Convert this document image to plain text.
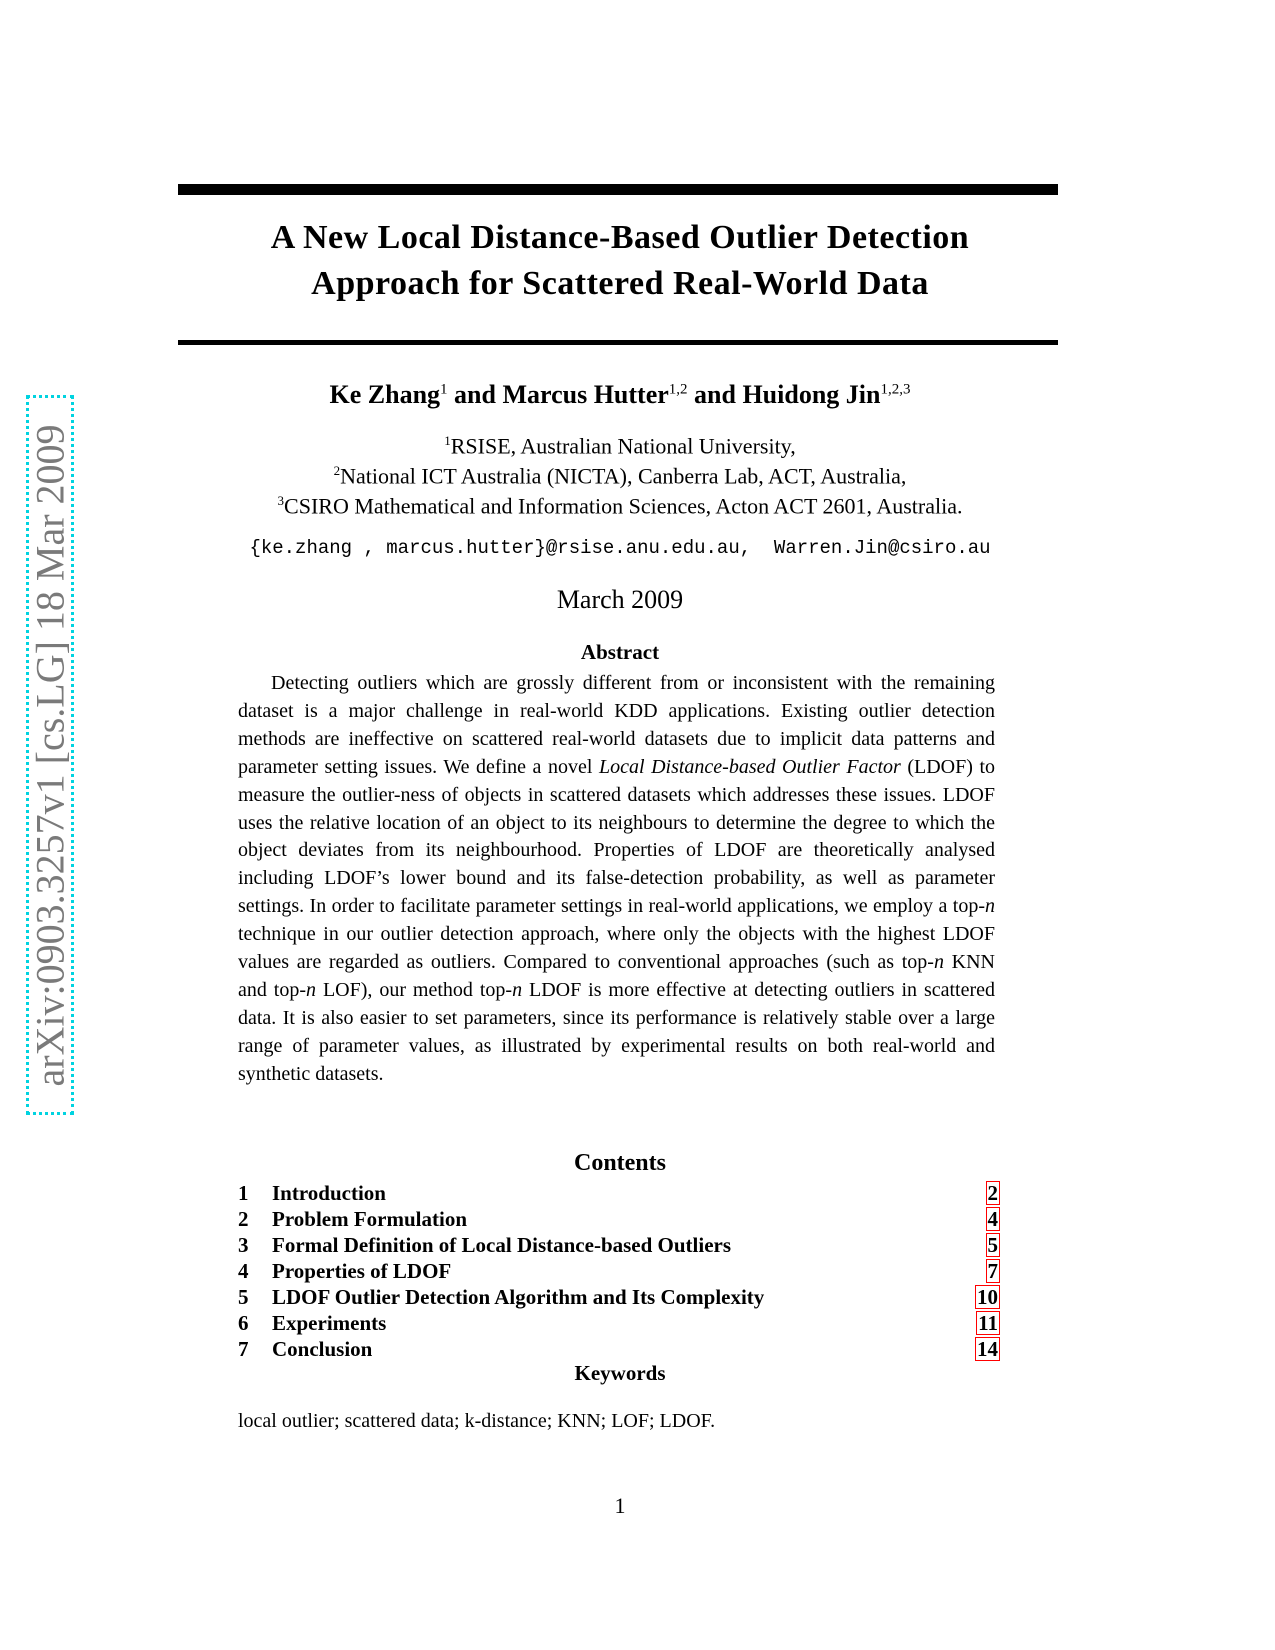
arXiv:0903.3257v1 [cs.LG] 18 Mar 2009
A New Local Distance-Based Outlier Detection
Approach for Scattered Real-World Data
Ke Zhang$^1$ and Marcus Hutter$^{1,2}$ and Huidong Jin$^{1,2,3}$
$^1$RSISE, Australian National University,
$^2$National ICT Australia (NICTA), Canberra Lab, ACT, Australia,
$^3$CSIRO Mathematical and Information Sciences, Acton ACT 2601, Australia.
{ke.zhang , marcus.hutter}@rsise.anu.edu.au,  Warren.Jin@csiro.au
March 2009
Abstract
Detecting outliers which are grossly different from or inconsistent with the remaining dataset is a major challenge in real-world KDD applications. Existing outlier detection methods are ineffective on scattered real-world datasets due to implicit data patterns and parameter setting issues. We define a novel Local Distance-based Outlier Factor (LDOF) to measure the outlier-ness of objects in scattered datasets which addresses these issues. LDOF uses the relative location of an object to its neighbours to determine the degree to which the object deviates from its neighbourhood. Properties of LDOF are theoretically analysed including LDOF’s lower bound and its false-detection probability, as well as parameter settings. In order to facilitate parameter settings in real-world applications, we employ a top-n technique in our outlier detection approach, where only the objects with the highest LDOF values are regarded as outliers. Compared to conventional approaches (such as top-n KNN and top-n LOF), our method top-n LDOF is more effective at detecting outliers in scattered data. It is also easier to set parameters, since its performance is relatively stable over a large range of parameter values, as illustrated by experimental results on both real-world and synthetic datasets.
Contents
1	Introduction	2
2	Problem Formulation	4
3	Formal Definition of Local Distance-based Outliers	5
4	Properties of LDOF	7
5	LDOF Outlier Detection Algorithm and Its Complexity	10
6	Experiments	11
7	Conclusion	14
Keywords
local outlier; scattered data; k-distance; KNN; LOF; LDOF.
1
